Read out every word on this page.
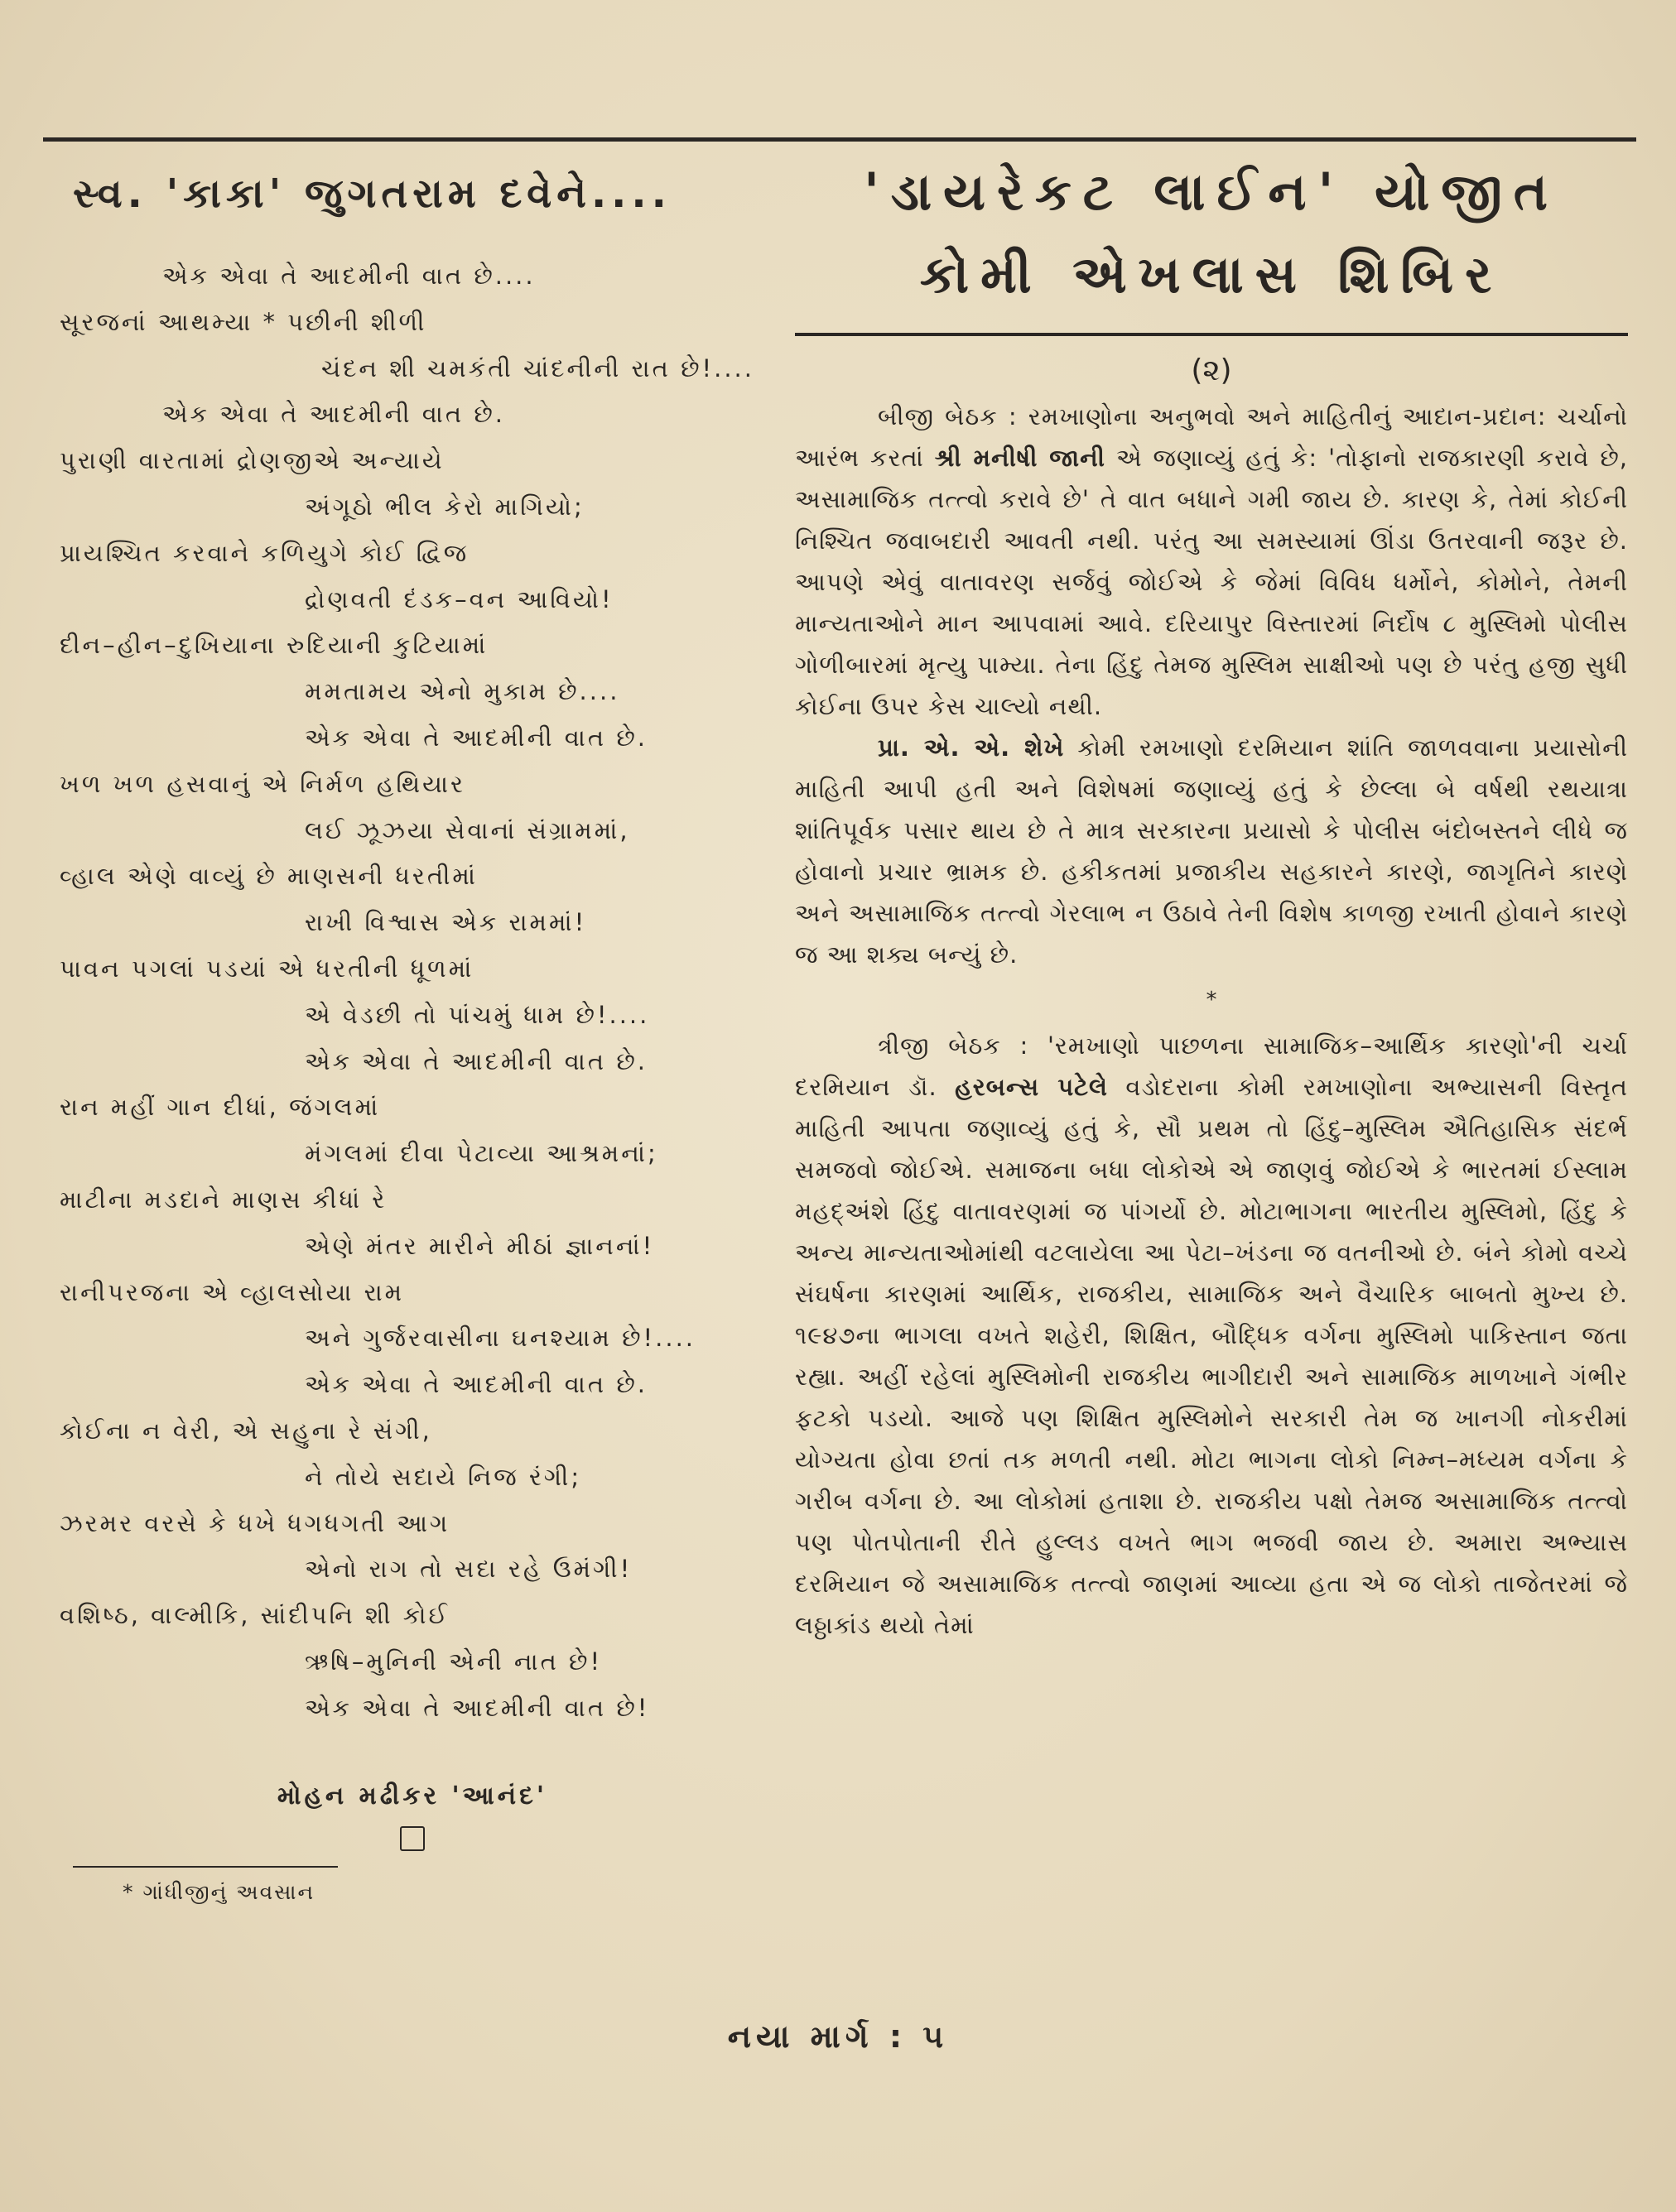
સ્વ. 'કાકા' જુગતરામ દવેને....
એક એવા તે આદમીની વાત છે....
સૂરજનાં આથમ્યા * પછીની શીળી
ચંદન શી ચમકંતી ચાંદનીની રાત છે!....
એક એવા તે આદમીની વાત છે.
પુરાણી વારતામાં દ્રોણજીએ અન્યાયે
અંગૂઠો ભીલ કેરો માગિયો;
પ્રાયશ્ચિત કરવાને કળિયુગે કોઈ દ્વિજ
દ્રોણવતી દંડક–વન આવિયો!
દીન–હીન–દુખિયાના રુદિયાની કુટિયામાં
મમતામય એનો મુકામ છે....
એક એવા તે આદમીની વાત છે.
ખળ ખળ હસવાનું એ નિર્મળ હથિયાર
લઈ ઝૂઝયા સેવાનાં સંગ્રામમાં,
વ્હાલ એણે વાવ્યું છે માણસની ધરતીમાં
રાખી વિશ્વાસ એક રામમાં!
પાવન પગલાં પડયાં એ ધરતીની ધૂળમાં
એ વેડછી તો પાંચમું ધામ છે!....
એક એવા તે આદમીની વાત છે.
રાન મહીં ગાન દીધાં, જંગલમાં
મંગલમાં દીવા પેટાવ્યા આશ્રમનાં;
માટીના મડદાને માણસ કીધાં રે
એણે મંતર મારીને મીઠાં જ્ઞાનનાં!
રાનીપરજના એ વ્હાલસોયા રામ
અને ગુર્જરવાસીના ઘનશ્યામ છે!....
એક એવા તે આદમીની વાત છે.
કોઈના ન વેરી, એ સહુના રે સંગી,
ને તોયે સદાયે નિજ રંગી;
ઝરમર વરસે કે ધખે ધગધગતી આગ
એનો રાગ તો સદા રહે ઉમંગી!
વશિષ્ઠ, વાલ્મીકિ, સાંદીપનિ શી કોઈ
ઋષિ–મુનિની એની નાત છે!
એક એવા તે આદમીની વાત છે!
મોહન મઢીકર 'આનંદ'
* ગાંધીજીનું અવસાન
'ડાયરેકટ લાઈન' યોજીત
કોમી એખલાસ શિબિર
(૨)

બીજી બેઠક : રમખાણોના અનુભવો અને માહિતીનું આદાન-પ્રદાન: ચર્ચાનો આરંભ કરતાં શ્રી મનીષી જાની એ જણાવ્યું હતું કે: 'તોફાનો રાજકારણી કરાવે છે, અસામાજિક તત્ત્વો કરાવે છે' તે વાત બધાને ગમી જાય છે. કારણ કે, તેમાં કોઈની નિશ્ચિત જવાબદારી આવતી નથી. પરંતુ આ સમસ્યામાં ઊંડા ઉતરવાની જરૂર છે. આપણે એવું વાતાવરણ સર્જવું જોઈએ કે જેમાં વિવિધ ધર્મોને, કોમોને, તેમની માન્યતાઓને માન આપવામાં આવે. દરિયાપુર વિસ્તારમાં નિર્દોષ ૮ મુસ્લિમો પોલીસ ગોળીબારમાં મૃત્યુ પામ્યા. તેના હિંદુ તેમજ મુસ્લિમ સાક્ષીઓ પણ છે પરંતુ હજી સુધી કોઈના ઉપર કેસ ચાલ્યો નથી.

પ્રા. એ. એ. શેખે કોમી રમખાણો દરમિયાન શાંતિ જાળવવાના પ્રયાસોની માહિતી આપી હતી અને વિશેષમાં જણાવ્યું હતું કે છેલ્લા બે વર્ષથી રથયાત્રા શાંતિપૂર્વક પસાર થાય છે તે માત્ર સરકારના પ્રયાસો કે પોલીસ બંદોબસ્તને લીધે જ હોવાનો પ્રચાર ભ્રામક છે. હકીકતમાં પ્રજાકીય સહકારને કારણે, જાગૃતિને કારણે અને અસામાજિક તત્ત્વો ગેરલાભ ન ઉઠાવે તેની વિશેષ કાળજી રખાતી હોવાને કારણે જ આ શક્ય બન્યું છે.

*

ત્રીજી બેઠક : 'રમખાણો પાછળના સામાજિક–આર્થિક કારણો'ની ચર્ચા દરમિયાન ડૉ. હરબન્સ પટેલે વડોદરાના કોમી રમખાણોના અભ્યાસની વિસ્તૃત માહિતી આપતા જણાવ્યું હતું કે, સૌ પ્રથમ તો હિંદુ–મુસ્લિમ ઐતિહાસિક સંદર્ભ સમજવો જોઈએ. સમાજના બધા લોકોએ એ જાણવું જોઈએ કે ભારતમાં ઈસ્લામ મહદ્અંશે હિંદુ વાતાવરણમાં જ પાંગર્યો છે. મોટાભાગના ભારતીય મુસ્લિમો, હિંદુ કે અન્ય માન્યતાઓમાંથી વટલાયેલા આ પેટા–ખંડના જ વતનીઓ છે. બંને કોમો વચ્ચે સંઘર્ષના કારણમાં આર્થિક, રાજકીય, સામાજિક અને વૈચારિક બાબતો મુખ્ય છે. ૧૯૪૭ના ભાગલા વખતે શહેરી, શિક્ષિત, બૌદ્ધિક વર્ગના મુસ્લિમો પાકિસ્તાન જતા રહ્યા. અહીં રહેલાં મુસ્લિમોની રાજકીય ભાગીદારી અને સામાજિક માળખાને ગંભીર ફટકો પડયો. આજે પણ શિક્ષિત મુસ્લિમોને સરકારી તેમ જ ખાનગી નોકરીમાં યોગ્યતા હોવા છતાં તક મળતી નથી. મોટા ભાગના લોકો નિમ્ન–મધ્યમ વર્ગના કે ગરીબ વર્ગના છે. આ લોકોમાં હતાશા છે. રાજકીય પક્ષો તેમજ અસામાજિક તત્ત્વો પણ પોતપોતાની રીતે હુલ્લડ વખતે ભાગ ભજવી જાય છે. અમારા અભ્યાસ દરમિયાન જે અસામાજિક તત્ત્વો જાણમાં આવ્યા હતા એ જ લોકો તાજેતરમાં જે લઠ્ઠાકાંડ થયો તેમાં

નયા માર્ગ : ૫
